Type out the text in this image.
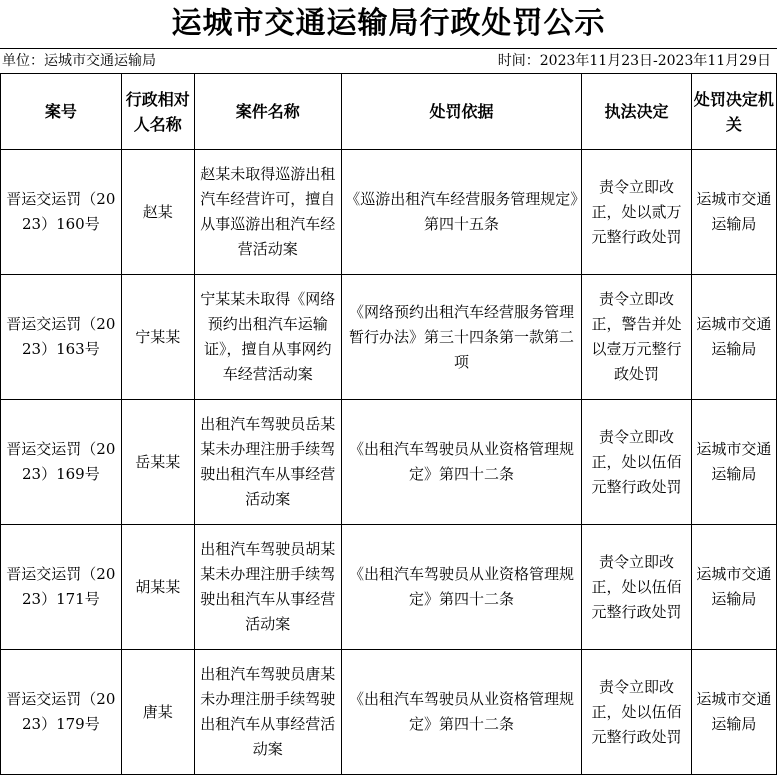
运城市交通运输局行政处罚公示
单位：运城市交通运输局	时间：2023年11月23日-2023年11月29日
案号	行政相对人名称	案件名称	处罚依据	执法决定	处罚决定机关
晋运交运罚（2023）160号	赵某	赵某未取得巡游出租汽车经营许可，擅自从事巡游出租汽车经营活动案	《巡游出租汽车经营服务管理规定》第四十五条	责令立即改正，处以贰万元整行政处罚	运城市交通运输局
晋运交运罚（2023）163号	宁某某	宁某某未取得《网络预约出租汽车运输证》，擅自从事网约车经营活动案	《网络预约出租汽车经营服务管理暂行办法》第三十四条第一款第二项	责令立即改正，警告并处以壹万元整行政处罚	运城市交通运输局
晋运交运罚（2023）169号	岳某某	出租汽车驾驶员岳某某未办理注册手续驾驶出租汽车从事经营活动案	《出租汽车驾驶员从业资格管理规定》第四十二条	责令立即改正，处以伍佰元整行政处罚	运城市交通运输局
晋运交运罚（2023）171号	胡某某	出租汽车驾驶员胡某某未办理注册手续驾驶出租汽车从事经营活动案	《出租汽车驾驶员从业资格管理规定》第四十二条	责令立即改正，处以伍佰元整行政处罚	运城市交通运输局
晋运交运罚（2023）179号	唐某	出租汽车驾驶员唐某未办理注册手续驾驶出租汽车从事经营活动案	《出租汽车驾驶员从业资格管理规定》第四十二条	责令立即改正，处以伍佰元整行政处罚	运城市交通运输局
